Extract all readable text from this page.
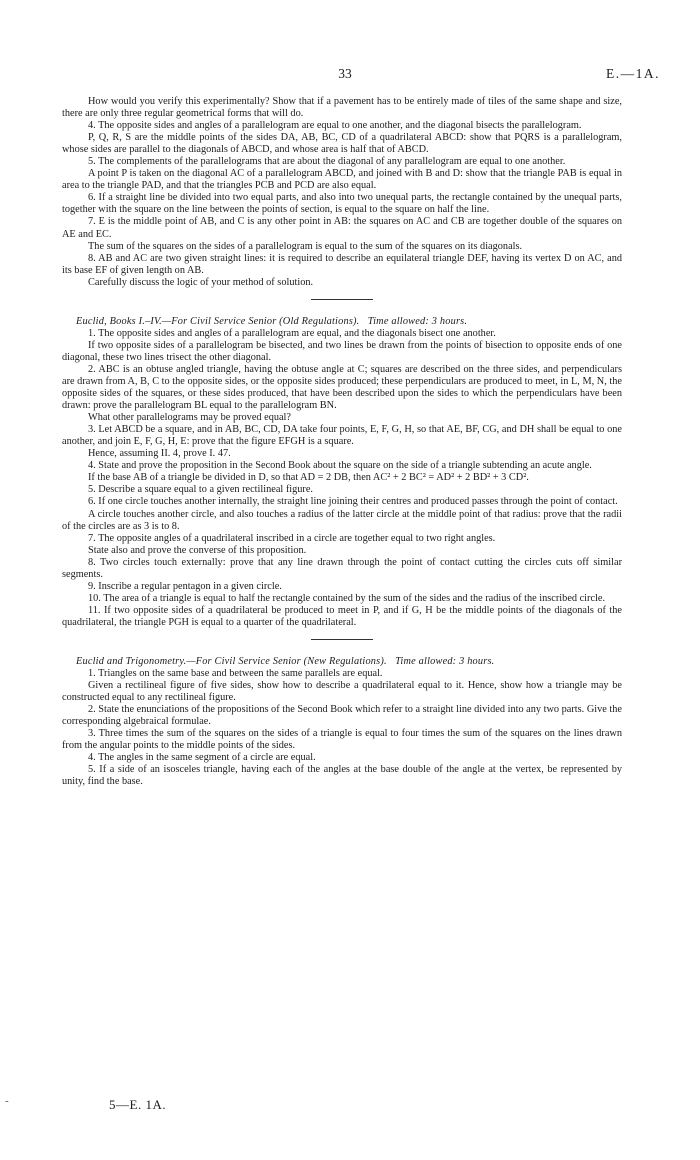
33	E.—1A.

How would you verify this experimentally? Show that if a pavement has to be entirely made of tiles of the same shape and size, there are only three regular geometrical forms that will do.

4. The opposite sides and angles of a parallelogram are equal to one another, and the diagonal bisects the parallelogram.

P, Q, R, S are the middle points of the sides DA, AB, BC, CD of a quadrilateral ABCD: show that PQRS is a parallelogram, whose sides are parallel to the diagonals of ABCD, and whose area is half that of ABCD.

5. The complements of the parallelograms that are about the diagonal of any parallelogram are equal to one another.

A point P is taken on the diagonal AC of a parallelogram ABCD, and joined with B and D: show that the triangle PAB is equal in area to the triangle PAD, and that the triangles PCB and PCD are also equal.

6. If a straight line be divided into two equal parts, and also into two unequal parts, the rectangle contained by the unequal parts, together with the square on the line between the points of section, is equal to the square on half the line.

7. E is the middle point of AB, and C is any other point in AB: the squares on AC and CB are together double of the squares on AE and EC.

The sum of the squares on the sides of a parallelogram is equal to the sum of the squares on its diagonals.

8. AB and AC are two given straight lines: it is required to describe an equilateral triangle DEF, having its vertex D on AC, and its base EF of given length on AB.

Carefully discuss the logic of your method of solution.

Euclid, Books I.–IV.—For Civil Service Senior (Old Regulations). Time allowed: 3 hours.

1. The opposite sides and angles of a parallelogram are equal, and the diagonals bisect one another.

If two opposite sides of a parallelogram be bisected, and two lines be drawn from the points of bisection to opposite ends of one diagonal, these two lines trisect the other diagonal.

2. ABC is an obtuse angled triangle, having the obtuse angle at C; squares are described on the three sides, and perpendiculars are drawn from A, B, C to the opposite sides, or the opposite sides produced; these perpendiculars are produced to meet, in L, M, N, the opposite sides of the squares, or these sides produced, that have been described upon the sides to which the perpendiculars have been drawn: prove the parallelogram BL equal to the parallelogram BN.

What other parallelograms may be proved equal?

3. Let ABCD be a square, and in AB, BC, CD, DA take four points, E, F, G, H, so that AE, BF, CG, and DH shall be equal to one another, and join E, F, G, H, E: prove that the figure EFGH is a square.

Hence, assuming II. 4, prove I. 47.

4. State and prove the proposition in the Second Book about the square on the side of a triangle subtending an acute angle.

If the base AB of a triangle be divided in D, so that AD = 2 DB, then AC² + 2 BC² = AD² + 2 BD² + 3 CD².

5. Describe a square equal to a given rectilineal figure.

6. If one circle touches another internally, the straight line joining their centres and produced passes through the point of contact.

A circle touches another circle, and also touches a radius of the latter circle at the middle point of that radius: prove that the radii of the circles are as 3 is to 8.

7. The opposite angles of a quadrilateral inscribed in a circle are together equal to two right angles.

State also and prove the converse of this proposition.

8. Two circles touch externally: prove that any line drawn through the point of contact cutting the circles cuts off similar segments.

9. Inscribe a regular pentagon in a given circle.

10. The area of a triangle is equal to half the rectangle contained by the sum of the sides and the radius of the inscribed circle.

11. If two opposite sides of a quadrilateral be produced to meet in P, and if G, H be the middle points of the diagonals of the quadrilateral, the triangle PGH is equal to a quarter of the quadrilateral.

Euclid and Trigonometry.—For Civil Service Senior (New Regulations). Time allowed: 3 hours.

1. Triangles on the same base and between the same parallels are equal.

Given a rectilineal figure of five sides, show how to describe a quadrilateral equal to it. Hence, show how a triangle may be constructed equal to any rectilineal figure.

2. State the enunciations of the propositions of the Second Book which refer to a straight line divided into any two parts. Give the corresponding algebraical formulae.

3. Three times the sum of the squares on the sides of a triangle is equal to four times the sum of the squares on the lines drawn from the angular points to the middle points of the sides.

4. The angles in the same segment of a circle are equal.

5. If a side of an isosceles triangle, having each of the angles at the base double of the angle at the vertex, be represented by unity, find the base.

5—E. 1A.
-
